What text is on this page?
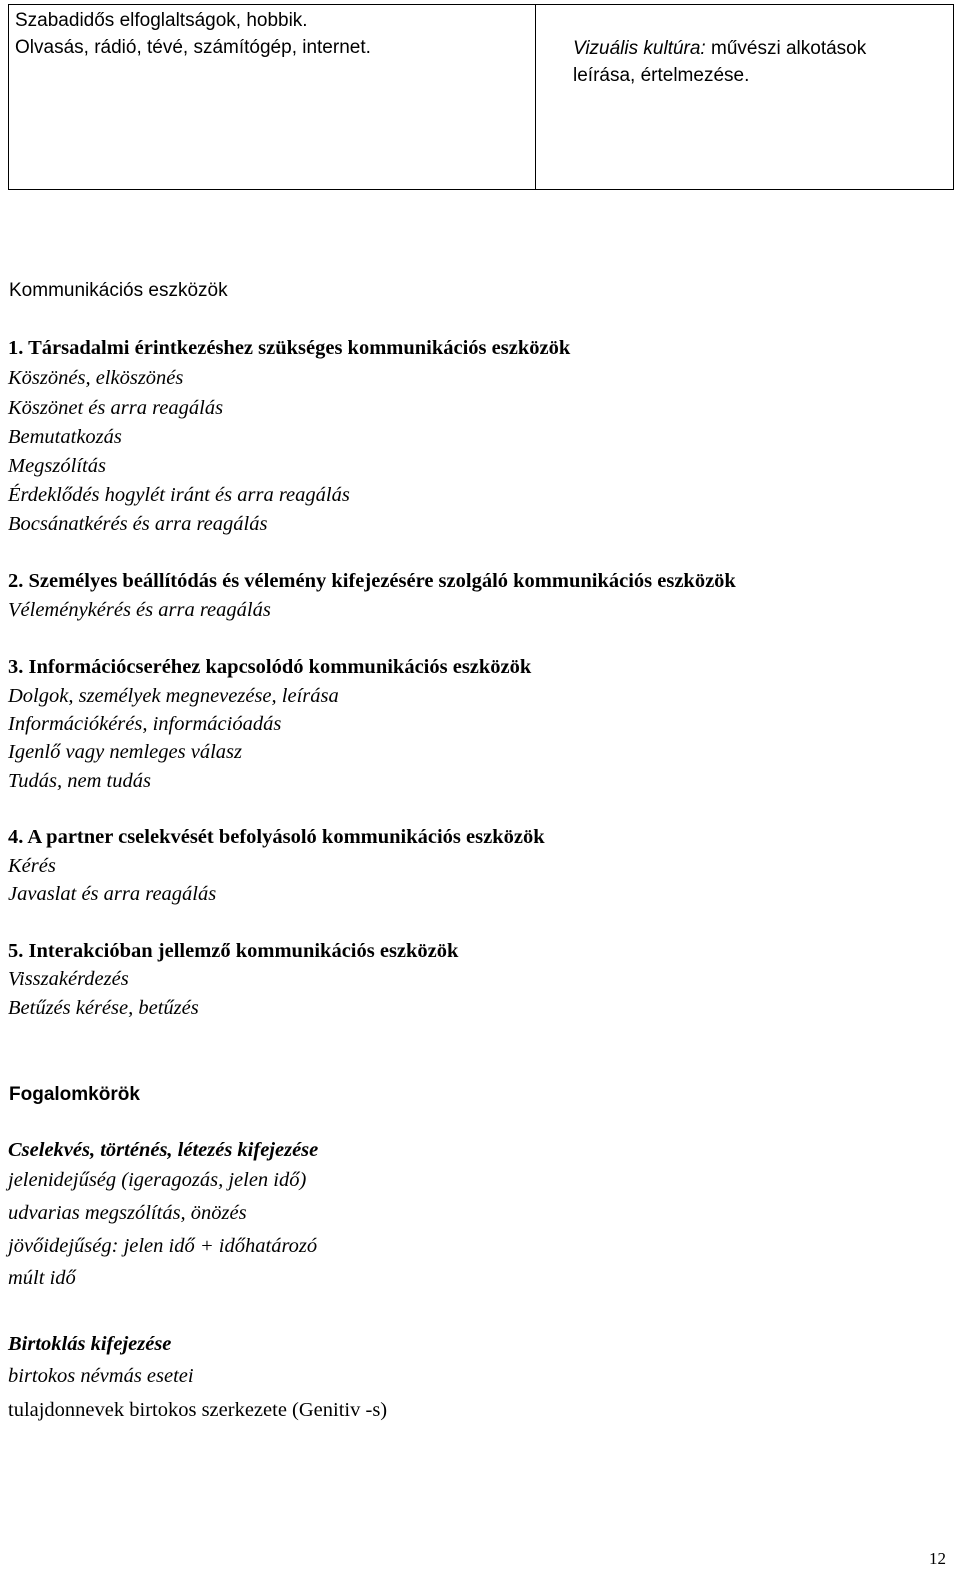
Szabadidős elfoglaltságok, hobbik.
Olvasás, rádió, tévé, számítógép, internet.	Vizuális kultúra: művészi alkotások
leírása, értelmezése.
Kommunikációs eszközök
1. Társadalmi érintkezéshez szükséges kommunikációs eszközök
Köszönés, elköszönés
Köszönet és arra reagálás
Bemutatkozás
Megszólítás
Érdeklődés hogylét iránt és arra reagálás
Bocsánatkérés és arra reagálás
2. Személyes beállítódás és vélemény kifejezésére szolgáló kommunikációs eszközök
Véleménykérés és arra reagálás
3. Információcseréhez kapcsolódó kommunikációs eszközök
Dolgok, személyek megnevezése, leírása
Információkérés, információadás
Igenlő vagy nemleges válasz
Tudás, nem tudás
4. A partner cselekvését befolyásoló kommunikációs eszközök
Kérés
Javaslat és arra reagálás
5. Interakcióban jellemző kommunikációs eszközök
Visszakérdezés
Betűzés kérése, betűzés
Fogalomkörök
Cselekvés, történés, létezés kifejezése
jelenidejűség (igeragozás, jelen idő)
udvarias megszólítás, önözés
jövőidejűség: jelen idő + időhatározó
múlt idő
Birtoklás kifejezése
birtokos névmás esetei
tulajdonnevek birtokos szerkezete (Genitiv -s)
12
